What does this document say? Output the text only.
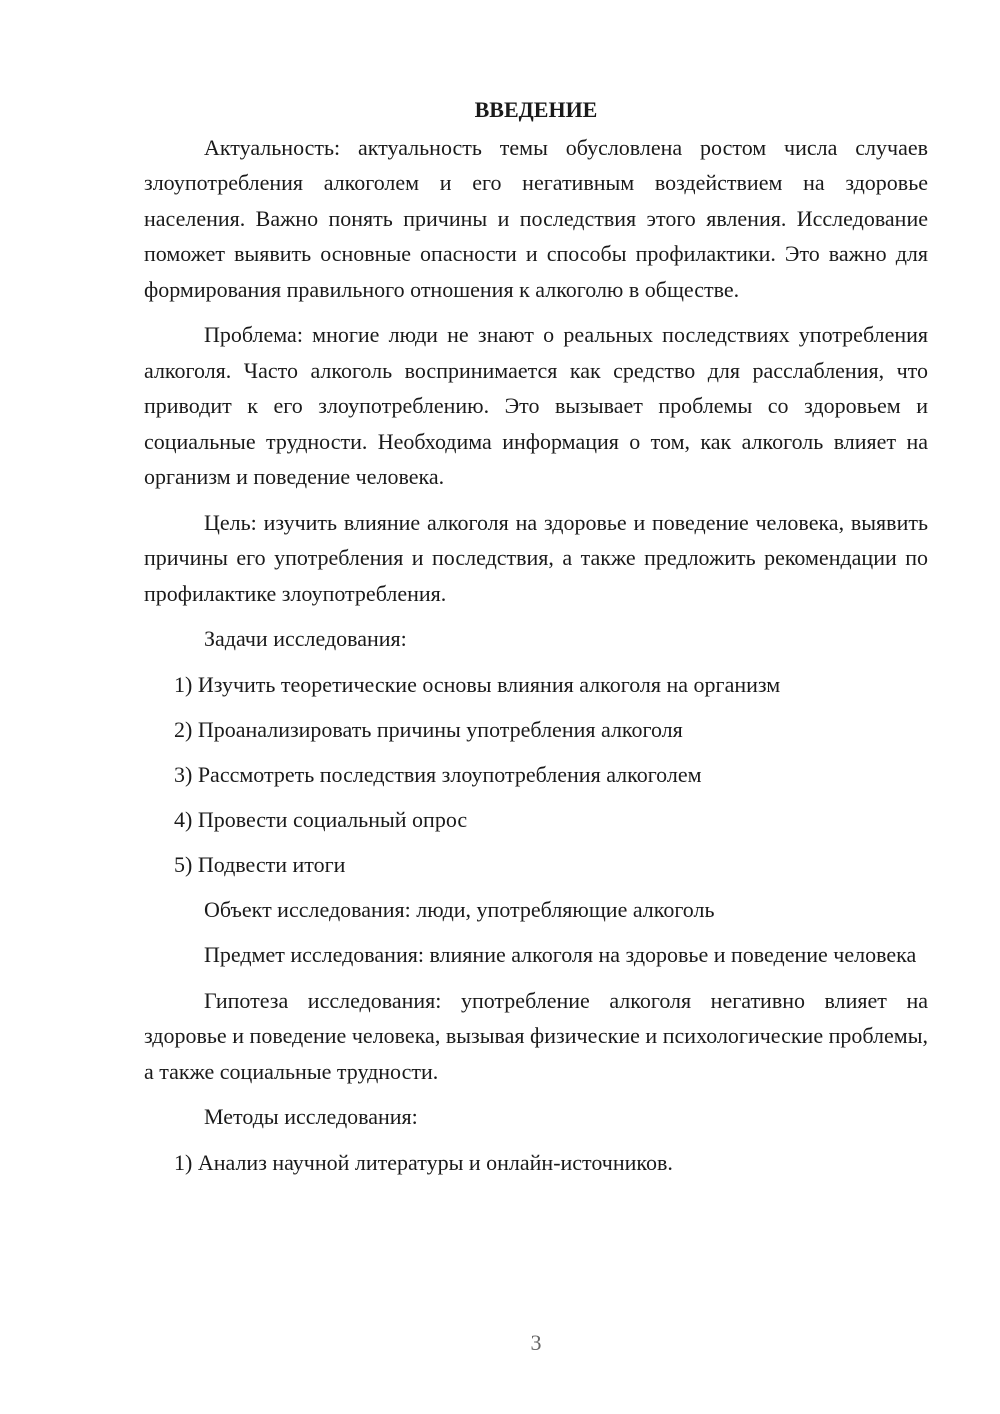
ВВЕДЕНИЕ

Актуальность: актуальность темы обусловлена ростом числа случаев злоупотребления алкоголем и его негативным воздействием на здоровье населения. Важно понять причины и последствия этого явления. Исследование поможет выявить основные опасности и способы профилактики. Это важно для формирования правильного отношения к алкоголю в обществе.

Проблема: многие люди не знают о реальных последствиях употребления алкоголя. Часто алкоголь воспринимается как средство для расслабления, что приводит к его злоупотреблению. Это вызывает проблемы со здоровьем и социальные трудности. Необходима информация о том, как алкоголь влияет на организм и поведение человека.

Цель: изучить влияние алкоголя на здоровье и поведение человека, выявить причины его употребления и последствия, а также предложить рекомендации по профилактике злоупотребления.

Задачи исследования:

1) Изучить теоретические основы влияния алкоголя на организм
2) Проанализировать причины употребления алкоголя
3) Рассмотреть последствия злоупотребления алкоголем
4) Провести социальный опрос
5) Подвести итоги

Объект исследования: люди, употребляющие алкоголь

Предмет исследования: влияние алкоголя на здоровье и поведение человека

Гипотеза исследования: употребление алкоголя негативно влияет на здоровье и поведение человека, вызывая физические и психологические проблемы, а также социальные трудности.

Методы исследования:

1) Анализ научной литературы и онлайн-источников.
3
